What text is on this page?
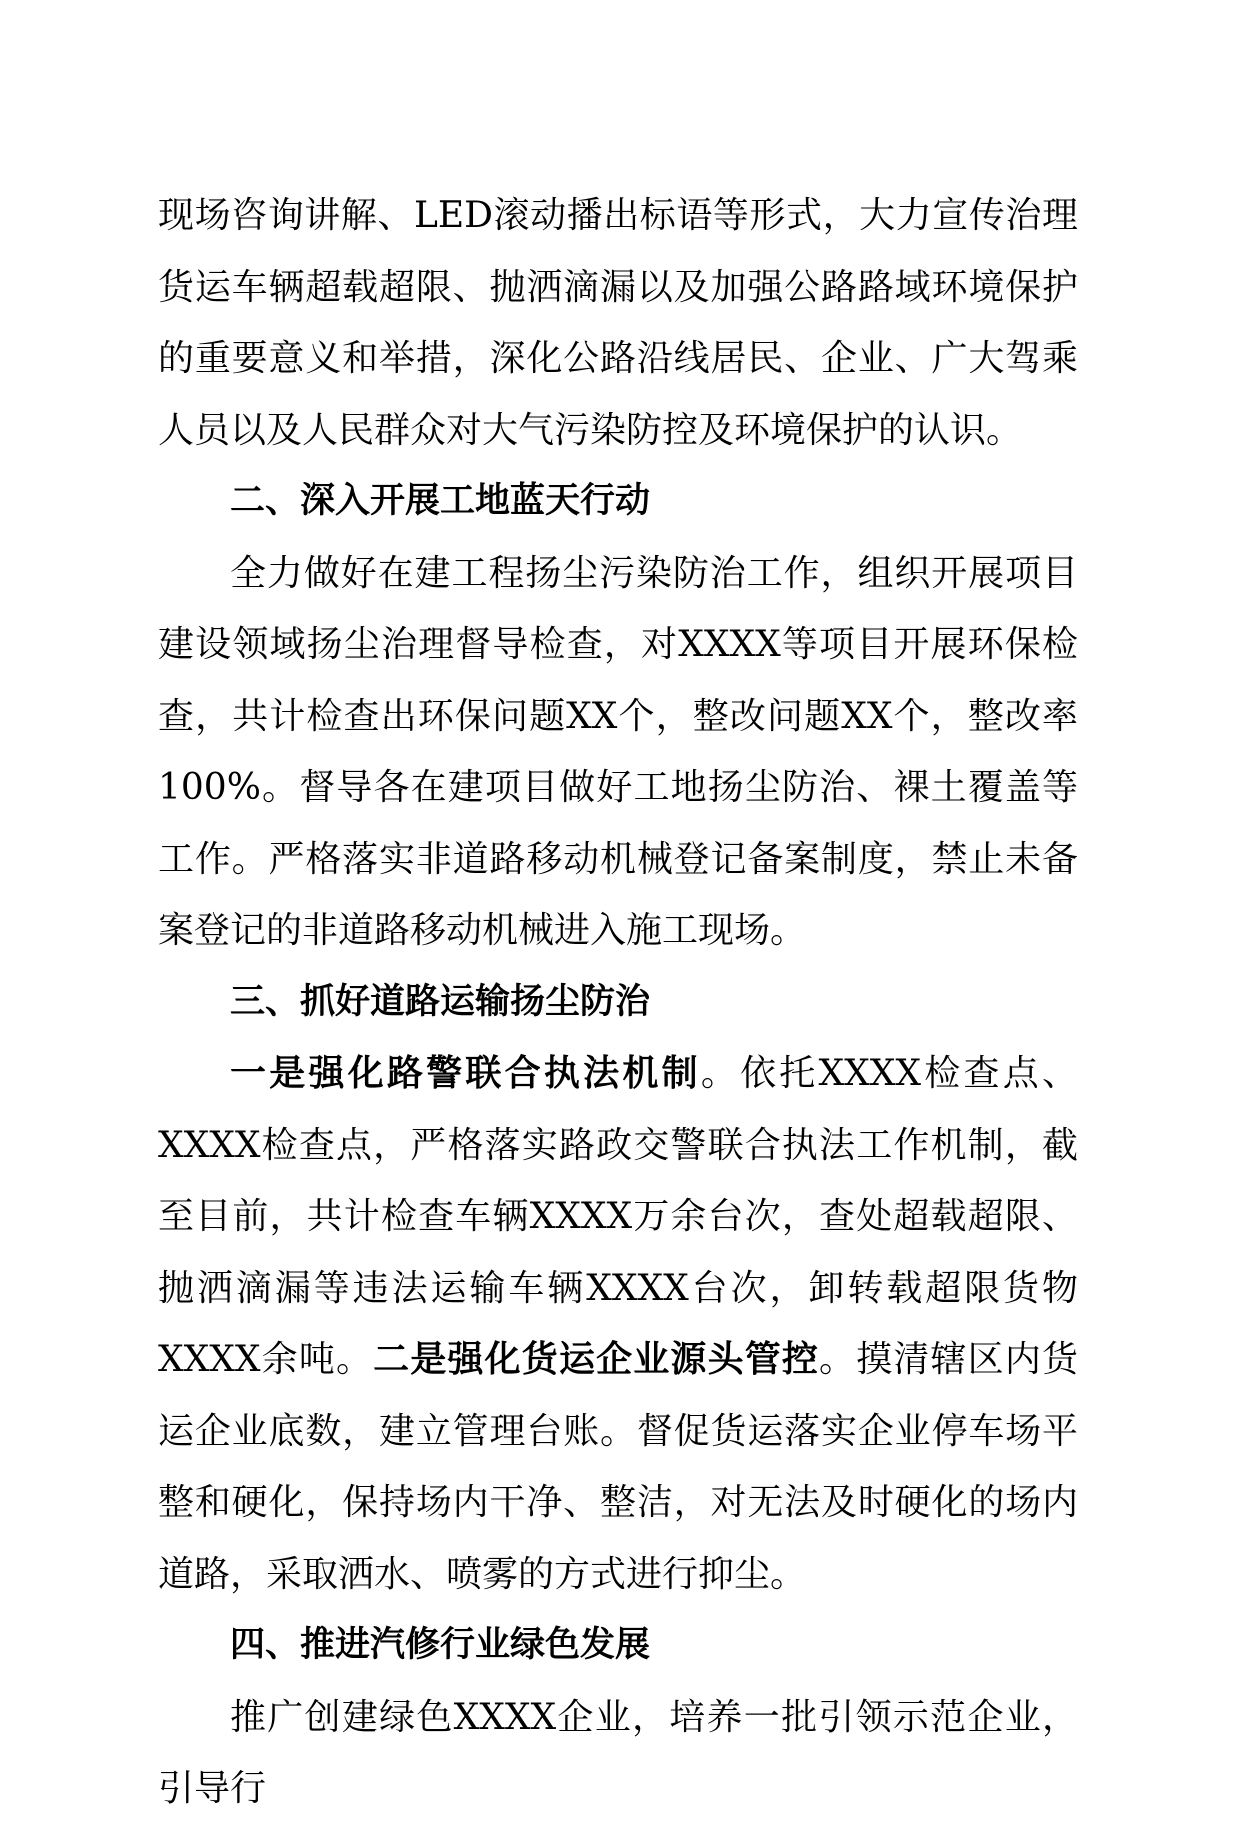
现场咨询讲解、LED滚动播出标语等形式，大力宣传治理货运车辆超载超限、抛洒滴漏以及加强公路路域环境保护的重要意义和举措，深化公路沿线居民、企业、广大驾乘人员以及人民群众对大气污染防控及环境保护的认识。

二、深入开展工地蓝天行动

全力做好在建工程扬尘污染防治工作，组织开展项目建设领域扬尘治理督导检查，对XXXX等项目开展环保检查，共计检查出环保问题XX个，整改问题XX个，整改率100%。督导各在建项目做好工地扬尘防治、裸土覆盖等工作。严格落实非道路移动机械登记备案制度，禁止未备案登记的非道路移动机械进入施工现场。

三、抓好道路运输扬尘防治

一是强化路警联合执法机制。依托XXXX检查点、XXXX检查点，严格落实路政交警联合执法工作机制，截至目前，共计检查车辆XXXX万余台次，查处超载超限、抛洒滴漏等违法运输车辆XXXX台次，卸转载超限货物XXXX余吨。二是强化货运企业源头管控。摸清辖区内货运企业底数，建立管理台账。督促货运落实企业停车场平整和硬化，保持场内干净、整洁，对无法及时硬化的场内道路，采取洒水、喷雾的方式进行抑尘。

四、推进汽修行业绿色发展

推广创建绿色XXXX企业，培养一批引领示范企业，引导行
